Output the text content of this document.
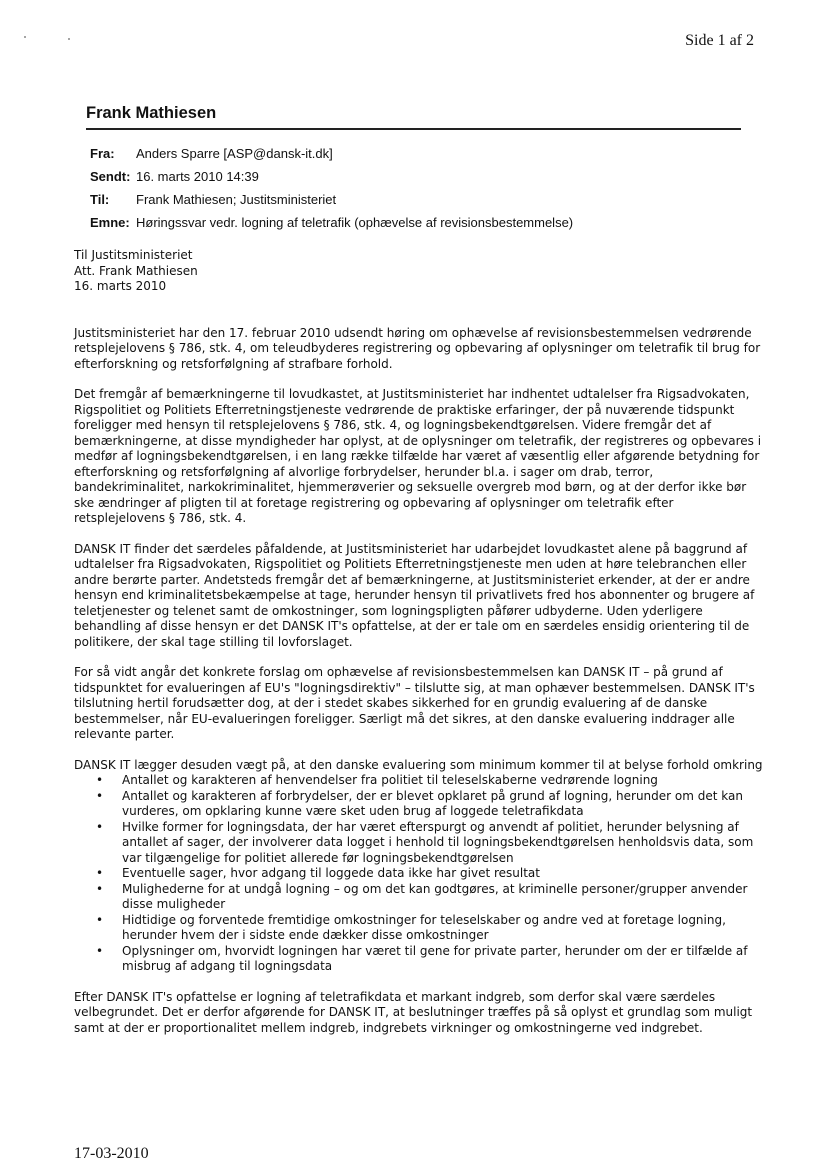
Side 1 af 2
Frank Mathiesen
Fra:	Anders Sparre [ASP@dansk-it.dk]
Sendt: 16. marts 2010 14:39
Til:	Frank Mathiesen; Justitsministeriet
Emne: Høringssvar vedr. logning af teletrafik (ophævelse af revisionsbestemmelse)

Til Justitsministeriet

Att. Frank Mathiesen

16. marts 2010

Justitsministeriet har den 17. februar 2010 udsendt høring om ophævelse af revisionsbestemmelsen vedrørende retsplejelovens § 786, stk. 4, om teleudbyderes registrering og opbevaring af oplysninger om teletrafik til brug for efterforskning og retsforfølgning af strafbare forhold.

Det fremgår af bemærkningerne til lovudkastet, at Justitsministeriet har indhentet udtalelser fra Rigsadvokaten, Rigspolitiet og Politiets Efterretningstjeneste vedrørende de praktiske erfaringer, der på nuværende tidspunkt foreligger med hensyn til retsplejelovens § 786, stk. 4, og logningsbekendtgørelsen. Videre fremgår det af bemærkningerne, at disse myndigheder har oplyst, at de oplysninger om teletrafik, der registreres og opbevares i medfør af logningsbekendtgørelsen, i en lang række tilfælde har været af væsentlig eller afgørende betydning for efterforskning og retsforfølgning af alvorlige forbrydelser, herunder bl.a. i sager om drab, terror, bandekriminalitet, narkokriminalitet, hjemmerøverier og seksuelle overgreb mod børn, og at der derfor ikke bør ske ændringer af pligten til at foretage registrering og opbevaring af oplysninger om teletrafik efter retsplejelovens § 786, stk. 4.

DANSK IT finder det særdeles påfaldende, at Justitsministeriet har udarbejdet lovudkastet alene på baggrund af udtalelser fra Rigsadvokaten, Rigspolitiet og Politiets Efterretningstjeneste men uden at høre telebranchen eller andre berørte parter. Andetsteds fremgår det af bemærkningerne, at Justitsministeriet erkender, at der er andre hensyn end kriminalitetsbekæmpelse at tage, herunder hensyn til privatlivets fred hos abonnenter og brugere af teletjenester og telenet samt de omkostninger, som logningspligten påfører udbyderne. Uden yderligere behandling af disse hensyn er det DANSK IT's opfattelse, at der er tale om en særdeles ensidig orientering til de politikere, der skal tage stilling til lovforslaget.

For så vidt angår det konkrete forslag om ophævelse af revisionsbestemmelsen kan DANSK IT – på grund af tidspunktet for evalueringen af EU's "logningsdirektiv" – tilslutte sig, at man ophæver bestemmelsen. DANSK IT's tilslutning hertil forudsætter dog, at der i stedet skabes sikkerhed for en grundig evaluering af de danske bestemmelser, når EU-evalueringen foreligger. Særligt må det sikres, at den danske evaluering inddrager alle relevante parter.

DANSK IT lægger desuden vægt på, at den danske evaluering som minimum kommer til at belyse forhold omkring

• Antallet og karakteren af henvendelser fra politiet til teleselskaberne vedrørende logning
• Antallet og karakteren af forbrydelser, der er blevet opklaret på grund af logning, herunder om det kan vurderes, om opklaring kunne være sket uden brug af loggede teletrafikdata
• Hvilke former for logningsdata, der har været efterspurgt og anvendt af politiet, herunder belysning af antallet af sager, der involverer data logget i henhold til logningsbekendtgørelsen henholdsvis data, som var tilgængelige for politiet allerede før logningsbekendtgørelsen
• Eventuelle sager, hvor adgang til loggede data ikke har givet resultat
• Mulighederne for at undgå logning – og om det kan godtgøres, at kriminelle personer/grupper anvender disse muligheder
• Hidtidige og forventede fremtidige omkostninger for teleselskaber og andre ved at foretage logning, herunder hvem der i sidste ende dækker disse omkostninger
• Oplysninger om, hvorvidt logningen har været til gene for private parter, herunder om der er tilfælde af misbrug af adgang til logningsdata

Efter DANSK IT's opfattelse er logning af teletrafikdata et markant indgreb, som derfor skal være særdeles velbegrundet. Det er derfor afgørende for DANSK IT, at beslutninger træffes på så oplyst et grundlag som muligt samt at der er proportionalitet mellem indgreb, indgrebets virkninger og omkostningerne ved indgrebet.

17-03-2010
